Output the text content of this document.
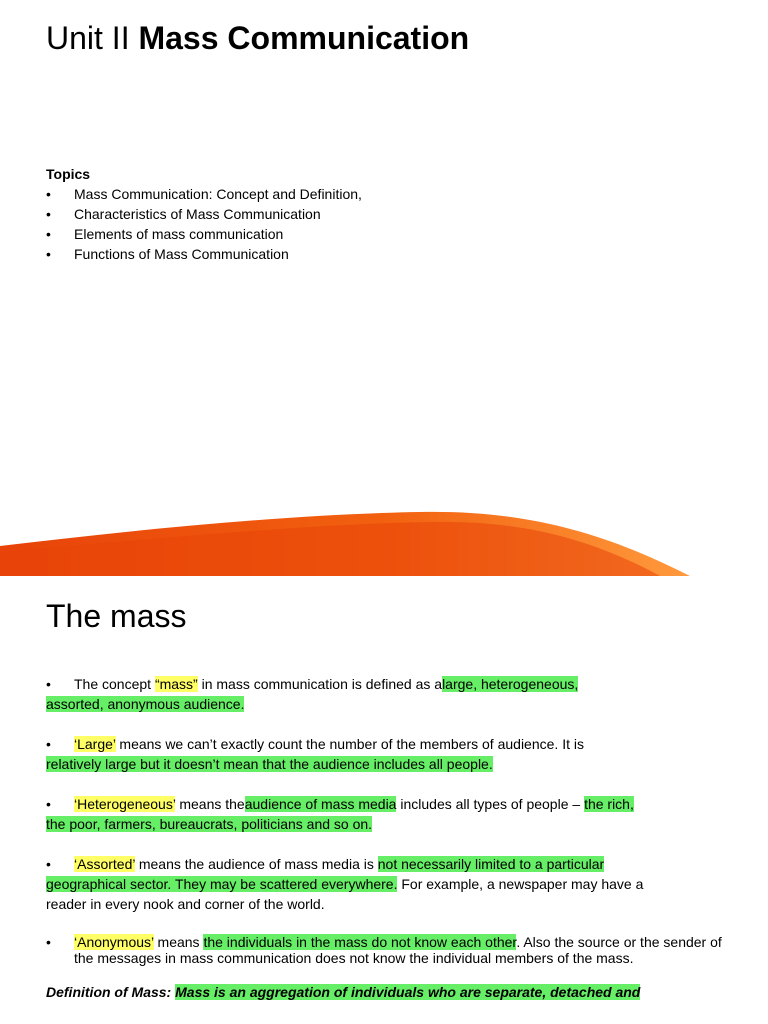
Unit II Mass Communication
Topics
• Mass Communication: Concept and Definition,
• Characteristics of Mass Communication
• Elements of mass communication
• Functions of Mass Communication
The mass
• The concept “mass” in mass communication is defined as alarge, heterogeneous,
assorted, anonymous audience.
• ‘Large’ means we can’t exactly count the number of the members of audience. It is
relatively large but it doesn’t mean that the audience includes all people.
• ‘Heterogeneous’ means theaudience of mass media includes all types of people – the rich,
the poor, farmers, bureaucrats, politicians and so on.
• ‘Assorted’ means the audience of mass media is not necessarily limited to a particular
geographical sector. They may be scattered everywhere. For example, a newspaper may have a
reader in every nook and corner of the world.
• ‘Anonymous’ means the individuals in the mass do not know each other. Also the source or the sender of the messages in mass communication does not know the individual members of the mass.
Definition of Mass: Mass is an aggregation of individuals who are separate, detached and
